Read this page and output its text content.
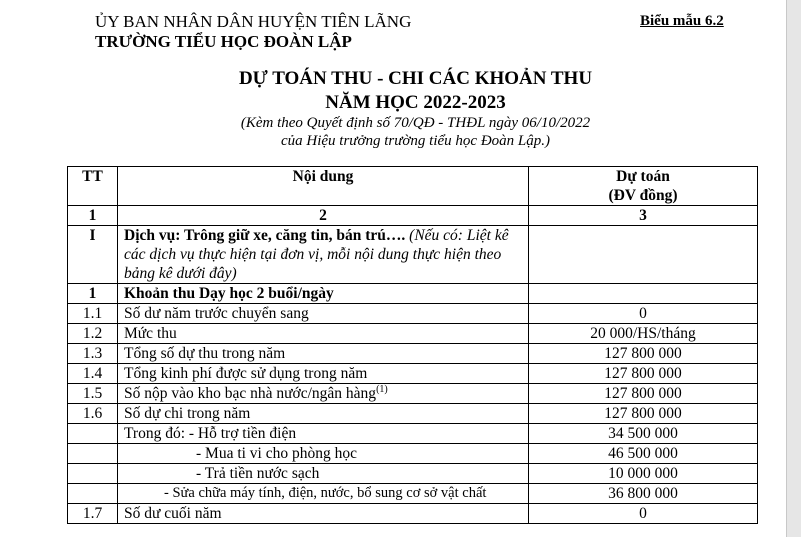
ỦY BAN NHÂN DÂN HUYỆN TIÊN LÃNG
TRƯỜNG TIỂU HỌC ĐOÀN LẬP
Biểu mẫu 6.2
DỰ TOÁN THU - CHI CÁC KHOẢN THU
NĂM HỌC 2022-2023
(Kèm theo Quyết định số 70/QĐ - THĐL ngày 06/10/2022
của Hiệu trưởng trường tiểu học Đoàn Lập.)
TT	Nội dung	Dự toán
(ĐV đồng)

1	2	3
I	Dịch vụ: Trông giữ xe, căng tin, bán trú…. (Nếu có: Liệt kê các dịch vụ thực hiện tại đơn vị, mỗi nội dung thực hiện theo bảng kê dưới đây)	
1	Khoản thu Dạy học 2 buổi/ngày	
1.1	Số dư năm trước chuyển sang	0
1.2	Mức thu	20 000/HS/tháng
1.3	Tổng số dự thu trong năm	127 800 000
1.4	Tổng kinh phí được sử dụng trong năm	127 800 000
1.5	Số nộp vào kho bạc nhà nước/ngân hàng$^{(1)}$	127 800 000
1.6	Số dự chi trong năm	127 800 000
	Trong đó: - Hỗ trợ tiền điện	34 500 000
	- Mua ti vi cho phòng học	46 500 000
	- Trả tiền nước sạch	10 000 000
	- Sửa chữa máy tính, điện, nước, bổ sung cơ sở vật chất	36 800 000
1.7	Số dư cuối năm	0
